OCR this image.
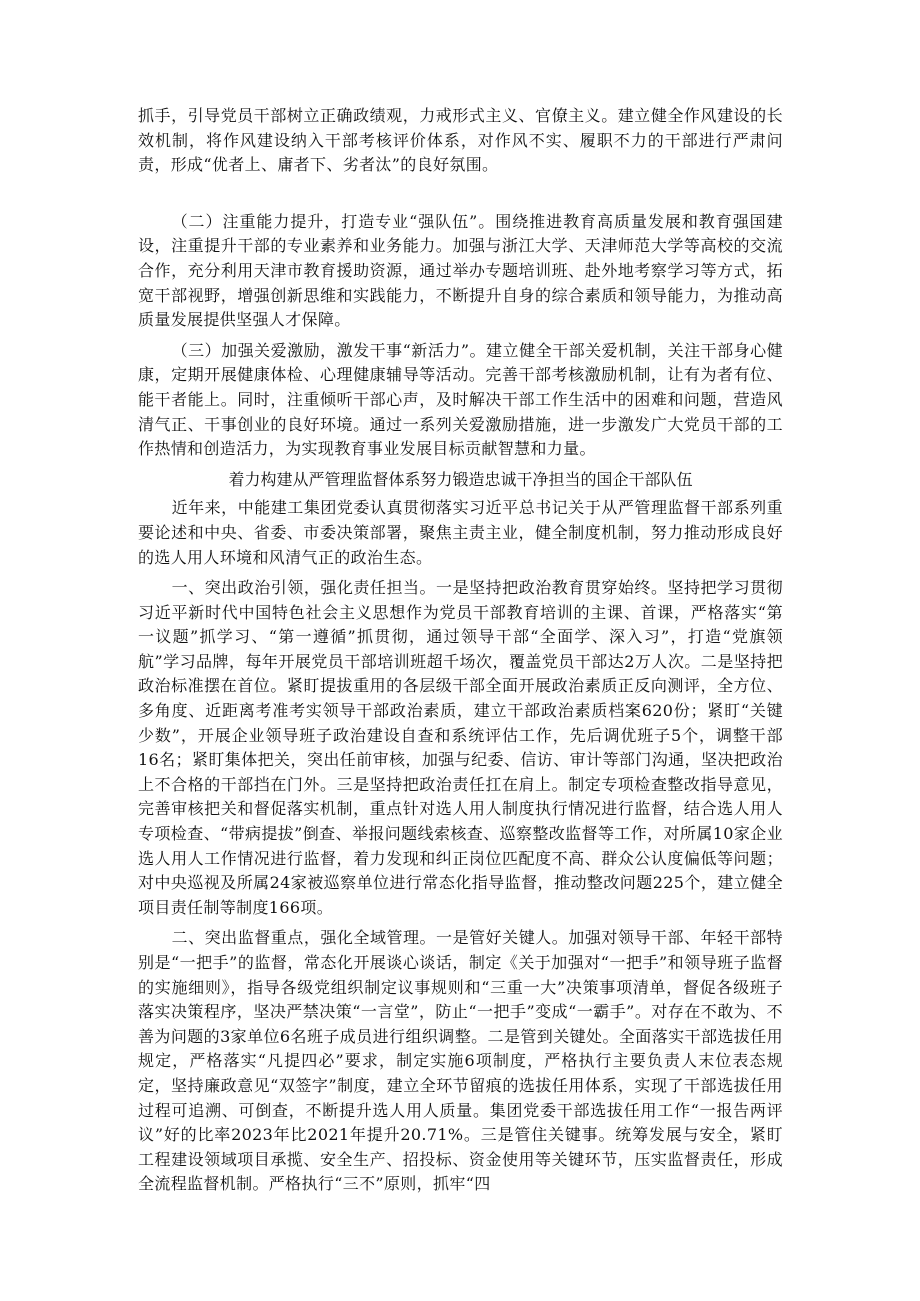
抓手，引导党员干部树立正确政绩观，力戒形式主义、官僚主义。建立健全作风建设的长效机制，将作风建设纳入干部考核评价体系，对作风不实、履职不力的干部进行严肃问责，形成“优者上、庸者下、劣者汰”的良好氛围。

（二）注重能力提升，打造专业“强队伍”。围绕推进教育高质量发展和教育强国建设，注重提升干部的专业素养和业务能力。加强与浙江大学、天津师范大学等高校的交流合作，充分利用天津市教育援助资源，通过举办专题培训班、赴外地考察学习等方式，拓宽干部视野，增强创新思维和实践能力，不断提升自身的综合素质和领导能力，为推动高质量发展提供坚强人才保障。

（三）加强关爱激励，激发干事“新活力”。建立健全干部关爱机制，关注干部身心健康，定期开展健康体检、心理健康辅导等活动。完善干部考核激励机制，让有为者有位、能干者能上。同时，注重倾听干部心声，及时解决干部工作生活中的困难和问题，营造风清气正、干事创业的良好环境。通过一系列关爱激励措施，进一步激发广大党员干部的工作热情和创造活力，为实现教育事业发展目标贡献智慧和力量。

着力构建从严管理监督体系努力锻造忠诚干净担当的国企干部队伍

近年来，中能建工集团党委认真贯彻落实习近平总书记关于从严管理监督干部系列重要论述和中央、省委、市委决策部署，聚焦主责主业，健全制度机制，努力推动形成良好的选人用人环境和风清气正的政治生态。

一、突出政治引领，强化责任担当。一是坚持把政治教育贯穿始终。坚持把学习贯彻习近平新时代中国特色社会主义思想作为党员干部教育培训的主课、首课，严格落实“第一议题”抓学习、“第一遵循”抓贯彻，通过领导干部“全面学、深入习”，打造“党旗领航”学习品牌，每年开展党员干部培训班超千场次，覆盖党员干部达2万人次。二是坚持把政治标准摆在首位。紧盯提拔重用的各层级干部全面开展政治素质正反向测评，全方位、多角度、近距离考准考实领导干部政治素质，建立干部政治素质档案620份；紧盯“关键少数”，开展企业领导班子政治建设自查和系统评估工作，先后调优班子5个，调整干部16名；紧盯集体把关，突出任前审核，加强与纪委、信访、审计等部门沟通，坚决把政治上不合格的干部挡在门外。三是坚持把政治责任扛在肩上。制定专项检查整改指导意见，完善审核把关和督促落实机制，重点针对选人用人制度执行情况进行监督，结合选人用人专项检查、“带病提拔”倒查、举报问题线索核查、巡察整改监督等工作，对所属10家企业选人用人工作情况进行监督，着力发现和纠正岗位匹配度不高、群众公认度偏低等问题；对中央巡视及所属24家被巡察单位进行常态化指导监督，推动整改问题225个，建立健全项目责任制等制度166项。

二、突出监督重点，强化全域管理。一是管好关键人。加强对领导干部、年轻干部特别是“一把手”的监督，常态化开展谈心谈话，制定《关于加强对“一把手”和领导班子监督的实施细则》，指导各级党组织制定议事规则和“三重一大”决策事项清单，督促各级班子落实决策程序，坚决严禁决策“一言堂”，防止“一把手”变成“一霸手”。对存在不敢为、不善为问题的3家单位6名班子成员进行组织调整。二是管到关键处。全面落实干部选拔任用规定，严格落实“凡提四必”要求，制定实施6项制度，严格执行主要负责人末位表态规定，坚持廉政意见“双签字”制度，建立全环节留痕的选拔任用体系，实现了干部选拔任用过程可追溯、可倒查，不断提升选人用人质量。集团党委干部选拔任用工作“一报告两评议”好的比率2023年比2021年提升20.71%。三是管住关键事。统筹发展与安全，紧盯工程建设领域项目承揽、安全生产、招投标、资金使用等关键环节，压实监督责任，形成全流程监督机制。严格执行“三不”原则，抓牢“四
